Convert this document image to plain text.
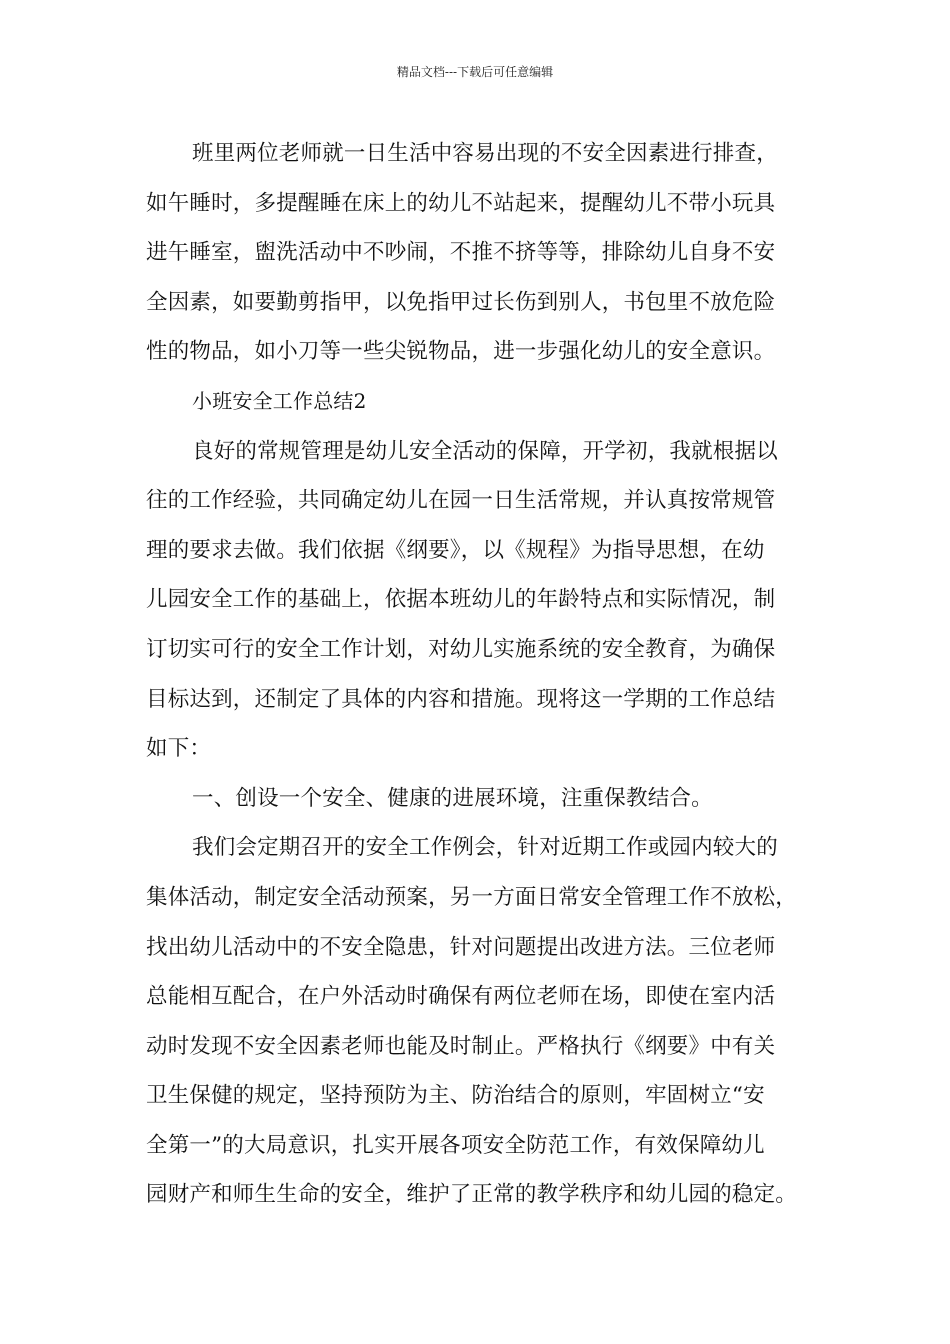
精品文档---下载后可任意编辑
班里两位老师就一日生活中容易出现的不安全因素进行排查，
如午睡时，多提醒睡在床上的幼儿不站起来，提醒幼儿不带小玩具
进午睡室，盥洗活动中不吵闹，不推不挤等等，排除幼儿自身不安
全因素，如要勤剪指甲，以免指甲过长伤到别人，书包里不放危险
性的物品，如小刀等一些尖锐物品，进一步强化幼儿的安全意识。
小班安全工作总结2
良好的常规管理是幼儿安全活动的保障，开学初，我就根据以
往的工作经验，共同确定幼儿在园一日生活常规，并认真按常规管
理的要求去做。我们依据《纲要》，以《规程》为指导思想，在幼
儿园安全工作的基础上，依据本班幼儿的年龄特点和实际情况，制
订切实可行的安全工作计划，对幼儿实施系统的安全教育，为确保
目标达到，还制定了具体的内容和措施。现将这一学期的工作总结
如下：
一、创设一个安全、健康的进展环境，注重保教结合。
我们会定期召开的安全工作例会，针对近期工作或园内较大的
集体活动，制定安全活动预案，另一方面日常安全管理工作不放松，
找出幼儿活动中的不安全隐患，针对问题提出改进方法。三位老师
总能相互配合，在户外活动时确保有两位老师在场，即使在室内活
动时发现不安全因素老师也能及时制止。严格执行《纲要》中有关
卫生保健的规定，坚持预防为主、防治结合的原则，牢固树立“安
全第一”的大局意识，扎实开展各项安全防范工作，有效保障幼儿
园财产和师生生命的安全，维护了正常的教学秩序和幼儿园的稳定。
